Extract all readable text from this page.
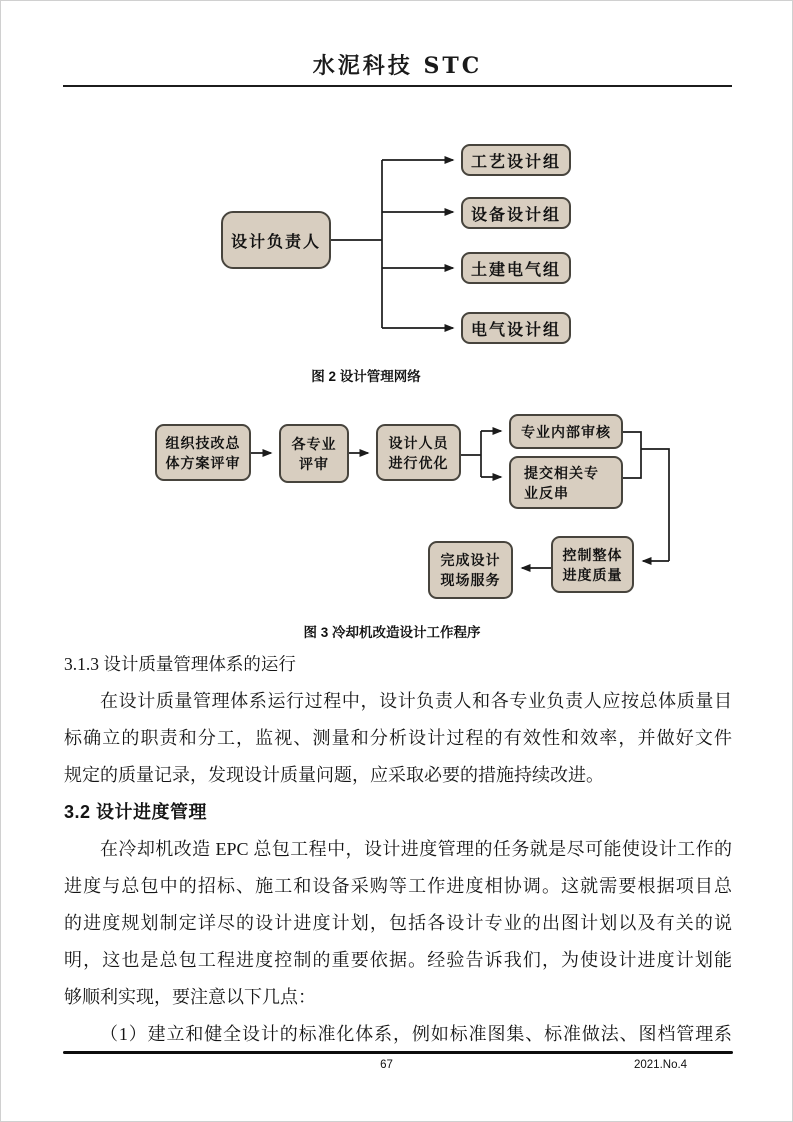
水泥科技 STC
设计负责人
工艺设计组
设备设计组
土建电气组
电气设计组
图 2 设计管理网络
组织技改总
体方案评审
各专业
评审
设计人员
进行优化
专业内部审核
提交相关专
业反串
控制整体
进度质量
完成设计
现场服务
图 3 冷却机改造设计工作程序
3.1.3 设计质量管理体系的运行
在设计质量管理体系运行过程中，设计负责人和各专业负责人应按总体质量目
标确立的职责和分工，监视、测量和分析设计过程的有效性和效率，并做好文件
规定的质量记录，发现设计质量问题，应采取必要的措施持续改进。
3.2 设计进度管理
在冷却机改造 EPC 总包工程中，设计进度管理的任务就是尽可能使设计工作的
进度与总包中的招标、施工和设备采购等工作进度相协调。这就需要根据项目总
的进度规划制定详尽的设计进度计划，包括各设计专业的出图计划以及有关的说
明，这也是总包工程进度控制的重要依据。经验告诉我们，为使设计进度计划能
够顺利实现，要注意以下几点：
（1）建立和健全设计的标准化体系，例如标准图集、标准做法、图档管理系
67	2021.No.4
